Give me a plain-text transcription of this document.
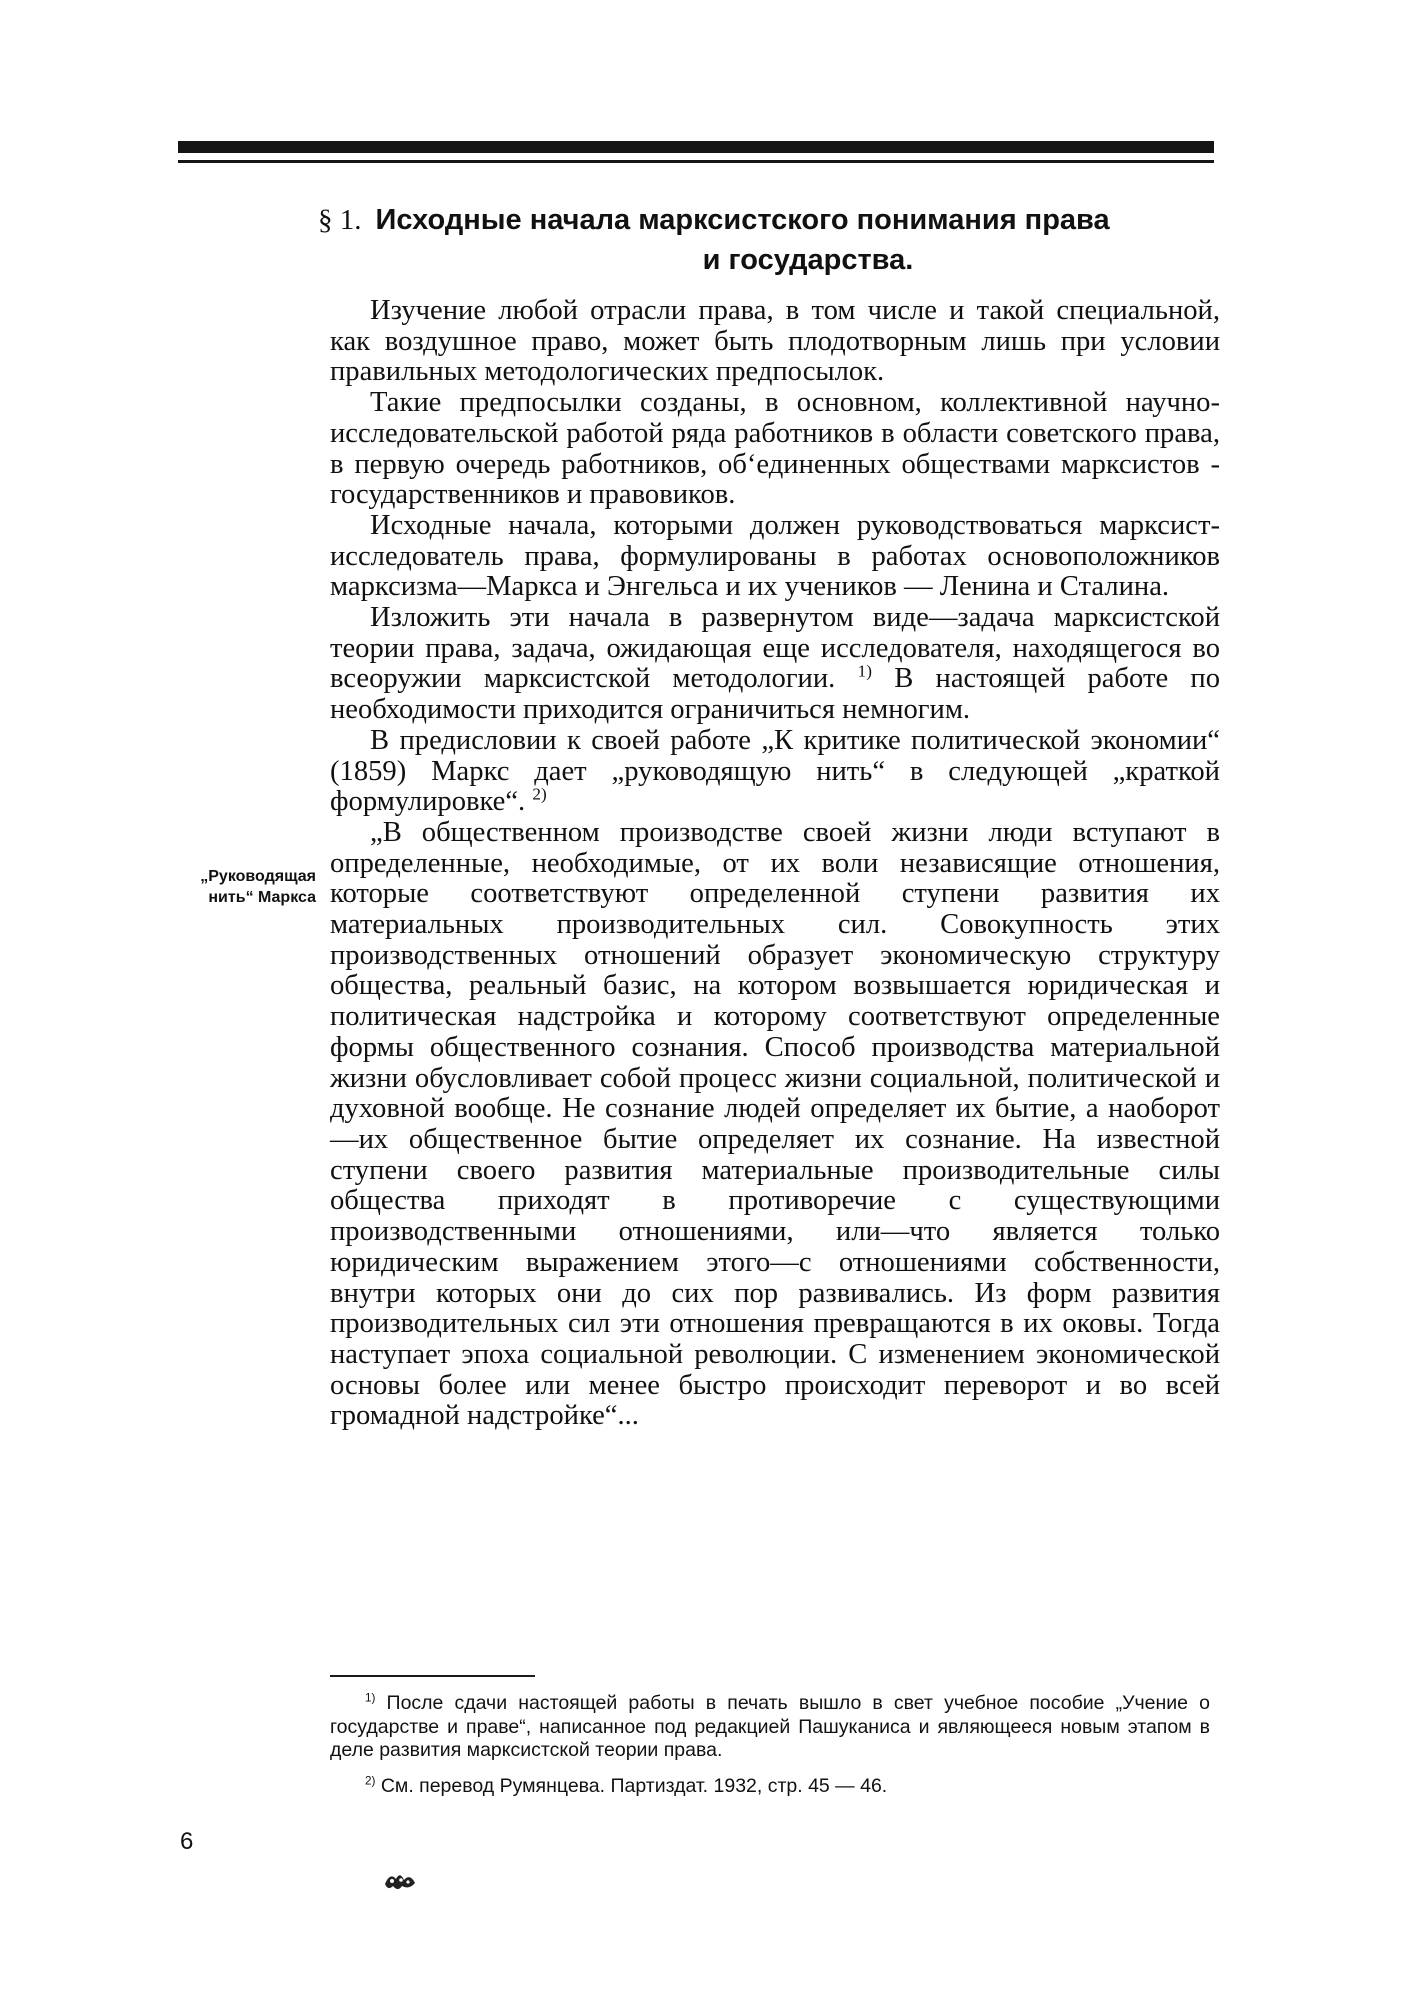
§ 1. Исходные начала марксистского понимания права
и государства.
„Руководящая
нить“ Маркса

Изучение любой отрасли права, в том числе и такой специальной, как воздушное право, может быть плодотворным лишь при условии правильных методологических предпосылок.

Такие предпосылки созданы, в основном, коллективной научно-исследовательской работой ряда работников в области советского права, в первую очередь работников, об‘единенных обществами марксистов - государственников и правовиков.

Исходные начала, которыми должен руководствоваться марксист-исследователь права, формулированы в работах основоположников марксизма—Маркса и Энгельса и их учеников — Ленина и Сталина.

Изложить эти начала в развернутом виде—задача марксистской теории права, задача, ожидающая еще исследователя, находящегося во всеоружии марксистской методологии. $^{1)}$ В настоящей работе по необходимости приходится ограничиться немногим.

В предисловии к своей работе „К критике политической экономии“ (1859) Маркс дает „руководящую нить“ в следующей „краткой формулировке“. $^{2)}$

„В общественном производстве своей жизни люди вступают в определенные, необходимые, от их воли независящие отношения, которые соответствуют определенной ступени развития их материальных производительных сил. Совокупность этих производственных отношений образует экономическую структуру общества, реальный базис, на котором возвышается юридическая и политическая надстройка и которому соответствуют определенные формы общественного сознания. Способ производства материальной жизни обусловливает собой процесс жизни социальной, политической и духовной вообще. Не сознание людей определяет их бытие, а наоборот—их общественное бытие определяет их сознание. На известной ступени своего развития материальные производительные силы общества приходят в противоречие с существующими производственными отношениями, или—что является только юридическим выражением этого—с отношениями собственности, внутри которых они до сих пор развивались. Из форм развития производительных сил эти отношения превращаются в их оковы. Тогда наступает эпоха социальной революции. С изменением экономической основы более или менее быстро происходит переворот и во всей громадной надстройке“...

$^{1)}$ После сдачи настоящей работы в печать вышло в свет учебное пособие „Учение о государстве и праве“, написанное под редакцией Пашуканиса и являющееся новым этапом в деле развития марксистской теории права.

$^{2)}$ См. перевод Румянцева. Партиздат. 1932, стр. 45 — 46.

6
